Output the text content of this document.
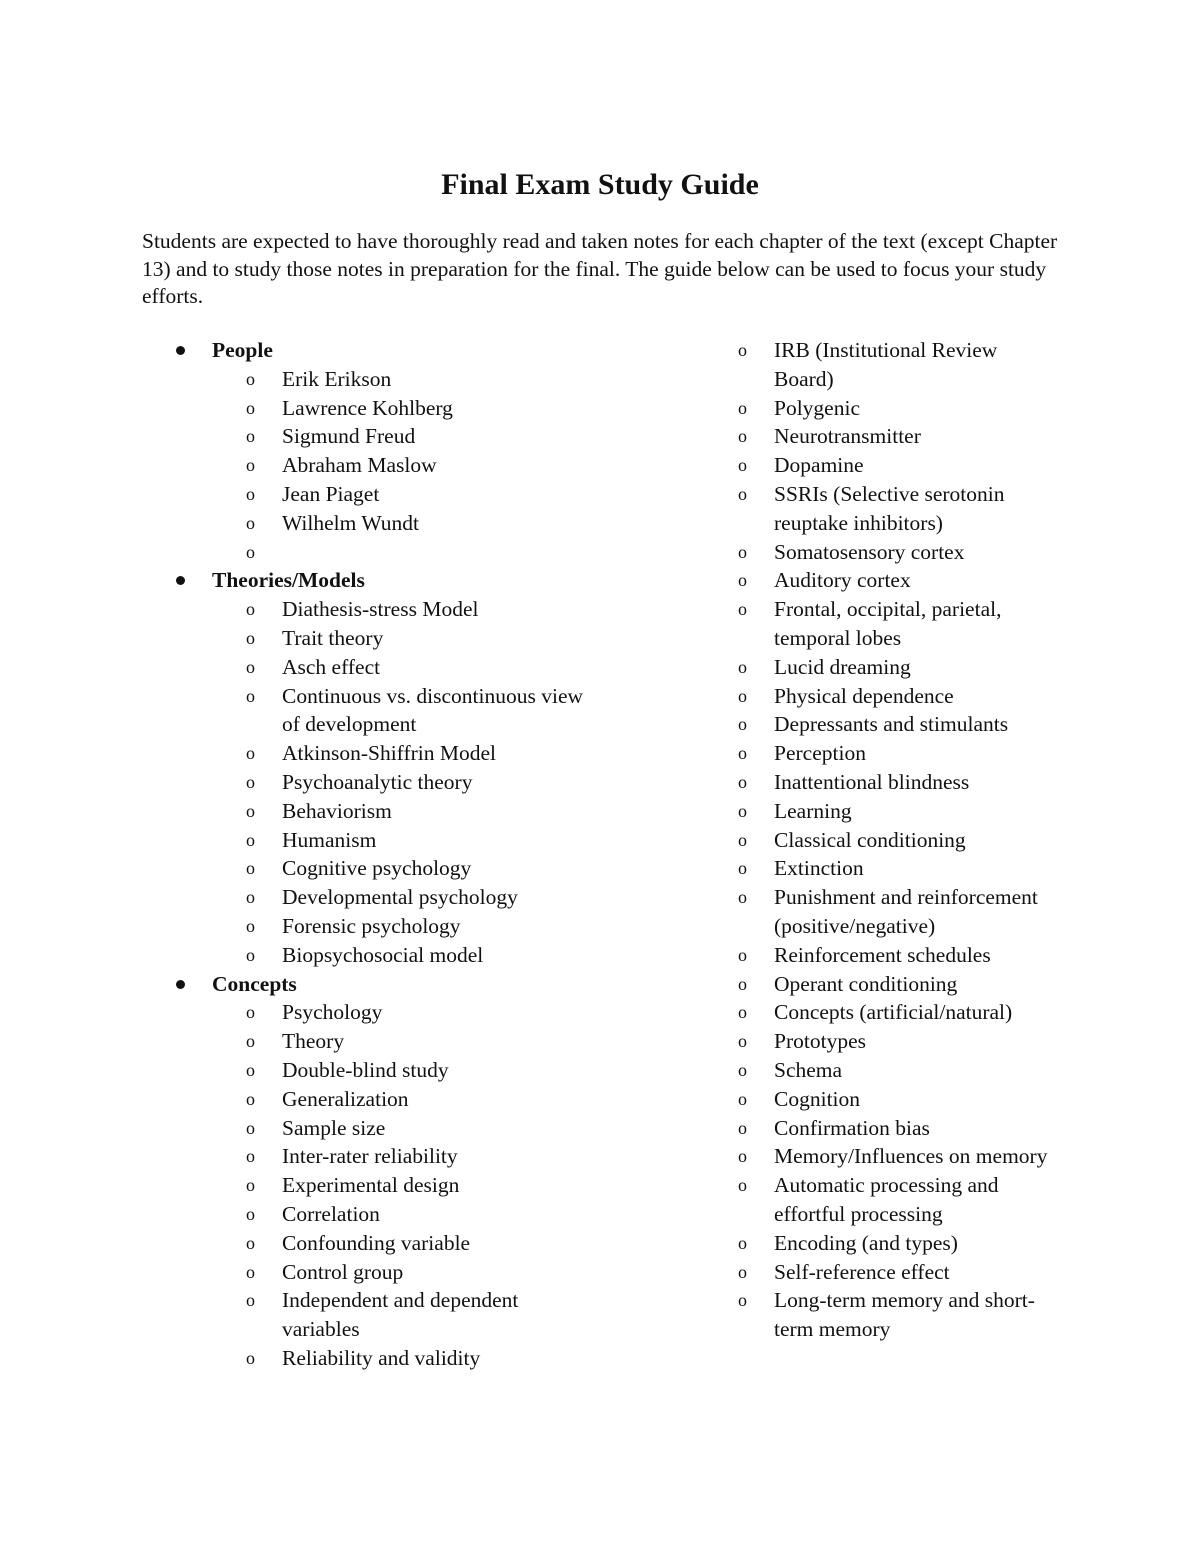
Final Exam Study Guide

Students are expected to have thoroughly read and taken notes for each chapter of the text (except Chapter 13) and to study those notes in preparation for the final. The guide below can be used to focus your study efforts.

People
o	Erik Erikson
o	Lawrence Kohlberg
o	Sigmund Freud
o	Abraham Maslow
o	Jean Piaget
o	Wilhelm Wundt
o
Theories/Models
o	Diathesis-stress Model
o	Trait theory
o	Asch effect
o	Continuous vs. discontinuous view of development
o	Atkinson-Shiffrin Model
o	Psychoanalytic theory
o	Behaviorism
o	Humanism
o	Cognitive psychology
o	Developmental psychology
o	Forensic psychology
o	Biopsychosocial model
Concepts
o	Psychology
o	Theory
o	Double-blind study
o	Generalization
o	Sample size
o	Inter-rater reliability
o	Experimental design
o	Correlation
o	Confounding variable
o	Control group
o	Independent and dependent variables
o	Reliability and validity
o	IRB (Institutional Review Board)
o	Polygenic
o	Neurotransmitter
o	Dopamine
o	SSRIs (Selective serotonin reuptake inhibitors)
o	Somatosensory cortex
o	Auditory cortex
o	Frontal, occipital, parietal, temporal lobes
o	Lucid dreaming
o	Physical dependence
o	Depressants and stimulants
o	Perception
o	Inattentional blindness
o	Learning
o	Classical conditioning
o	Extinction
o	Punishment and reinforcement (positive/negative)
o	Reinforcement schedules
o	Operant conditioning
o	Concepts (artificial/natural)
o	Prototypes
o	Schema
o	Cognition
o	Confirmation bias
o	Memory/Influences on memory
o	Automatic processing and effortful processing
o	Encoding (and types)
o	Self-reference effect
o	Long-term memory and short-term memory
